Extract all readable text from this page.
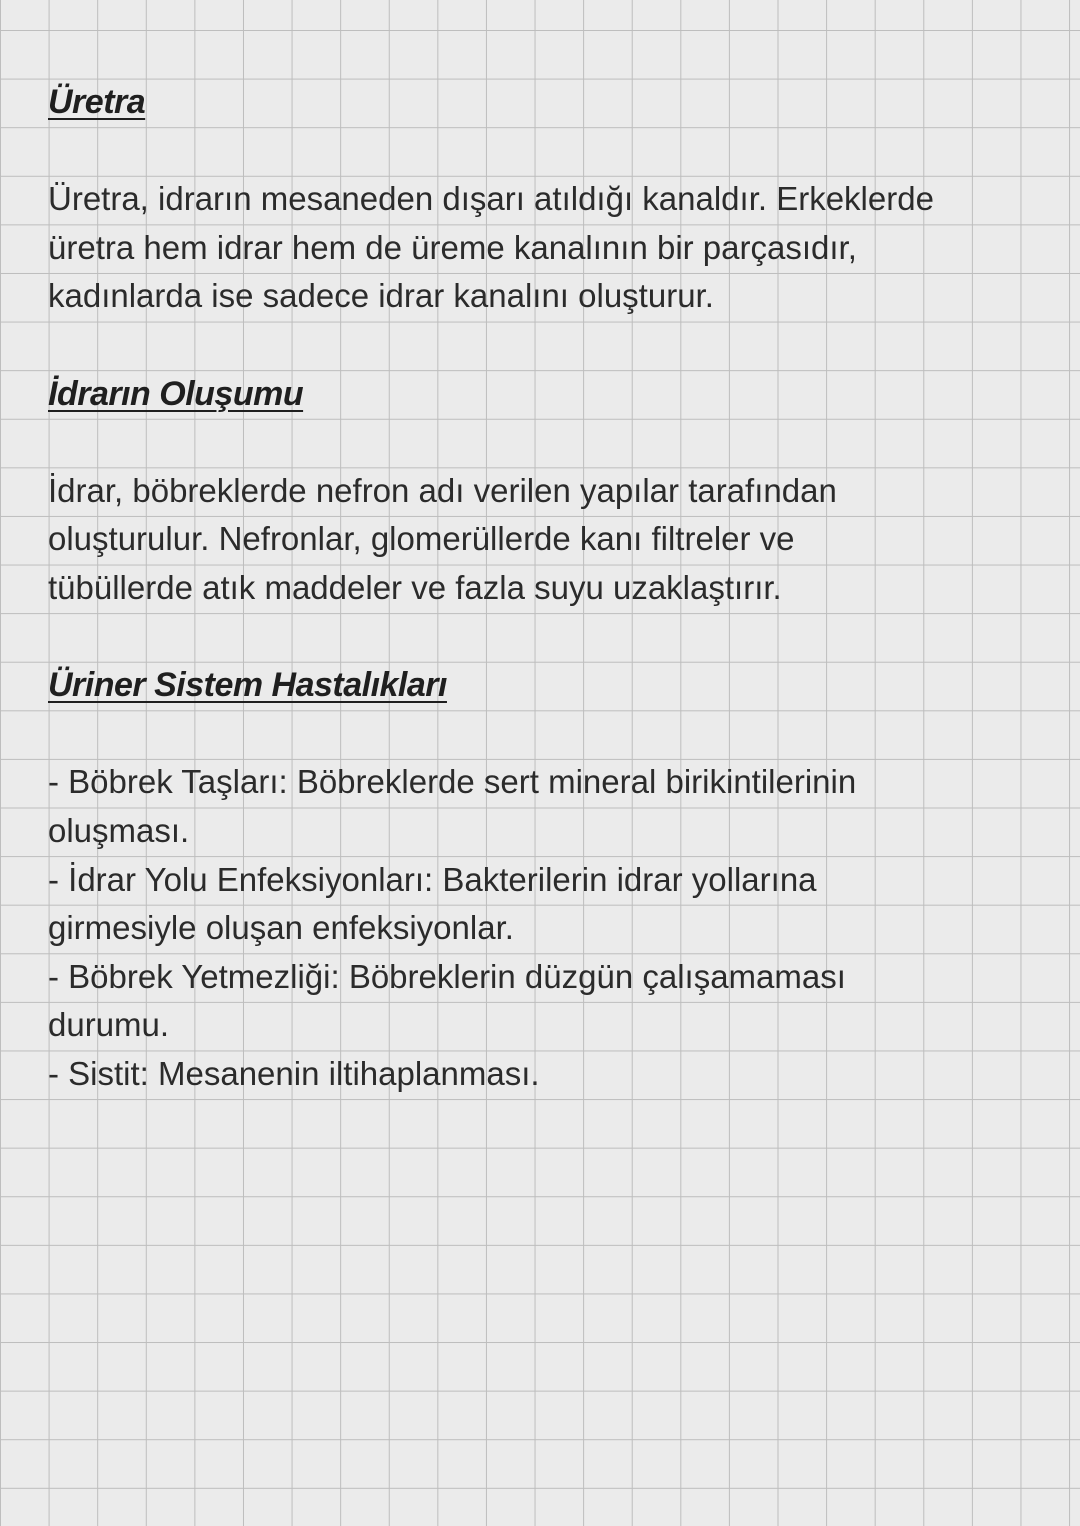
Üretra

Üretra, idrarın mesaneden dışarı atıldığı kanaldır. Erkeklerde
üretra hem idrar hem de üreme kanalının bir parçasıdır,
kadınlarda ise sadece idrar kanalını oluşturur.

İdrarın Oluşumu

İdrar, böbreklerde nefron adı verilen yapılar tarafından
oluşturulur. Nefronlar, glomerüllerde kanı filtreler ve
tübüllerde atık maddeler ve fazla suyu uzaklaştırır.

Üriner Sistem Hastalıkları
- Böbrek Taşları: Böbreklerde sert mineral birikintilerinin
oluşması.
- İdrar Yolu Enfeksiyonları: Bakterilerin idrar yollarına
girmesiyle oluşan enfeksiyonlar.
- Böbrek Yetmezliği: Böbreklerin düzgün çalışamaması
durumu.
- Sistit: Mesanenin iltihaplanması.
